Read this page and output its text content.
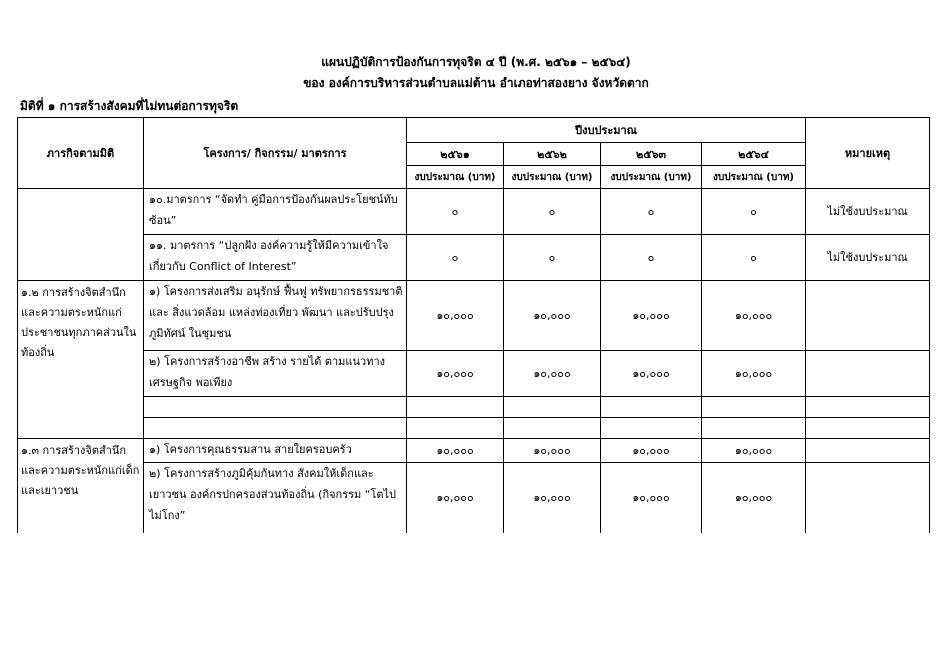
แผนปฏิบัติการป้องกันการทุจริต ๔ ปี (พ.ศ. ๒๕๖๑ – ๒๕๖๔)
ของ องค์การบริหารส่วนตำบลแม่ต้าน อำเภอท่าสองยาง จังหวัดตาก
มิติที่ ๑ การสร้างสังคมที่ไม่ทนต่อการทุจริต
ภารกิจตามมิติ	โครงการ/ กิจกรรม/ มาตรการ	ปีงบประมาณ				หมายเหตุ
		๒๕๖๑	๒๕๖๒	๒๕๖๓	๒๕๖๔	
		งบประมาณ (บาท)	งบประมาณ (บาท)	งบประมาณ (บาท)	งบประมาณ (บาท)	
	๑๐.มาตรการ “จัดทำ คู่มือการป้องกันผลประโยชน์ทับซ้อน”	๐	๐	๐	๐	ไม่ใช้งบประมาณ
	๑๑. มาตรการ “ปลูกฝัง องค์ความรู้ให้มีความเข้าใจเกี่ยวกับ Conflict of Interest”	๐	๐	๐	๐	ไม่ใช้งบประมาณ
๑.๒ การสร้างจิตสำนึกและความตระหนักแก่ประชาชนทุกภาคส่วนในท้องถิ่น	๑) โครงการส่งเสริม อนุรักษ์ ฟื้นฟู ทรัพยากรธรรมชาติและ สิ่งแวดล้อม แหล่งท่องเที่ยว พัฒนา และปรับปรุงภูมิทัศน์ ในชุมชน	๑๐,๐๐๐	๑๐,๐๐๐	๑๐,๐๐๐	๑๐,๐๐๐	
	๒) โครงการสร้างอาชีพ สร้าง รายได้ ตามแนวทางเศรษฐกิจ พอเพียง	๑๐,๐๐๐	๑๐,๐๐๐	๑๐,๐๐๐	๑๐,๐๐๐	

๑.๓ การสร้างจิตสำนึกและความตระหนักแก่เด็กและเยาวชน	๑) โครงการคุณธรรมสาน สายใยครอบครัว	๑๐,๐๐๐	๑๐,๐๐๐	๑๐,๐๐๐	๑๐,๐๐๐	
	๒) โครงการสร้างภูมิคุ้มกันทาง สังคมให้เด็กและเยาวชน องค์กรปกครองส่วนท้องถิ่น (กิจกรรม “โตไปไม่โกง”	๑๐,๐๐๐	๑๐,๐๐๐	๑๐,๐๐๐	๑๐,๐๐๐	
